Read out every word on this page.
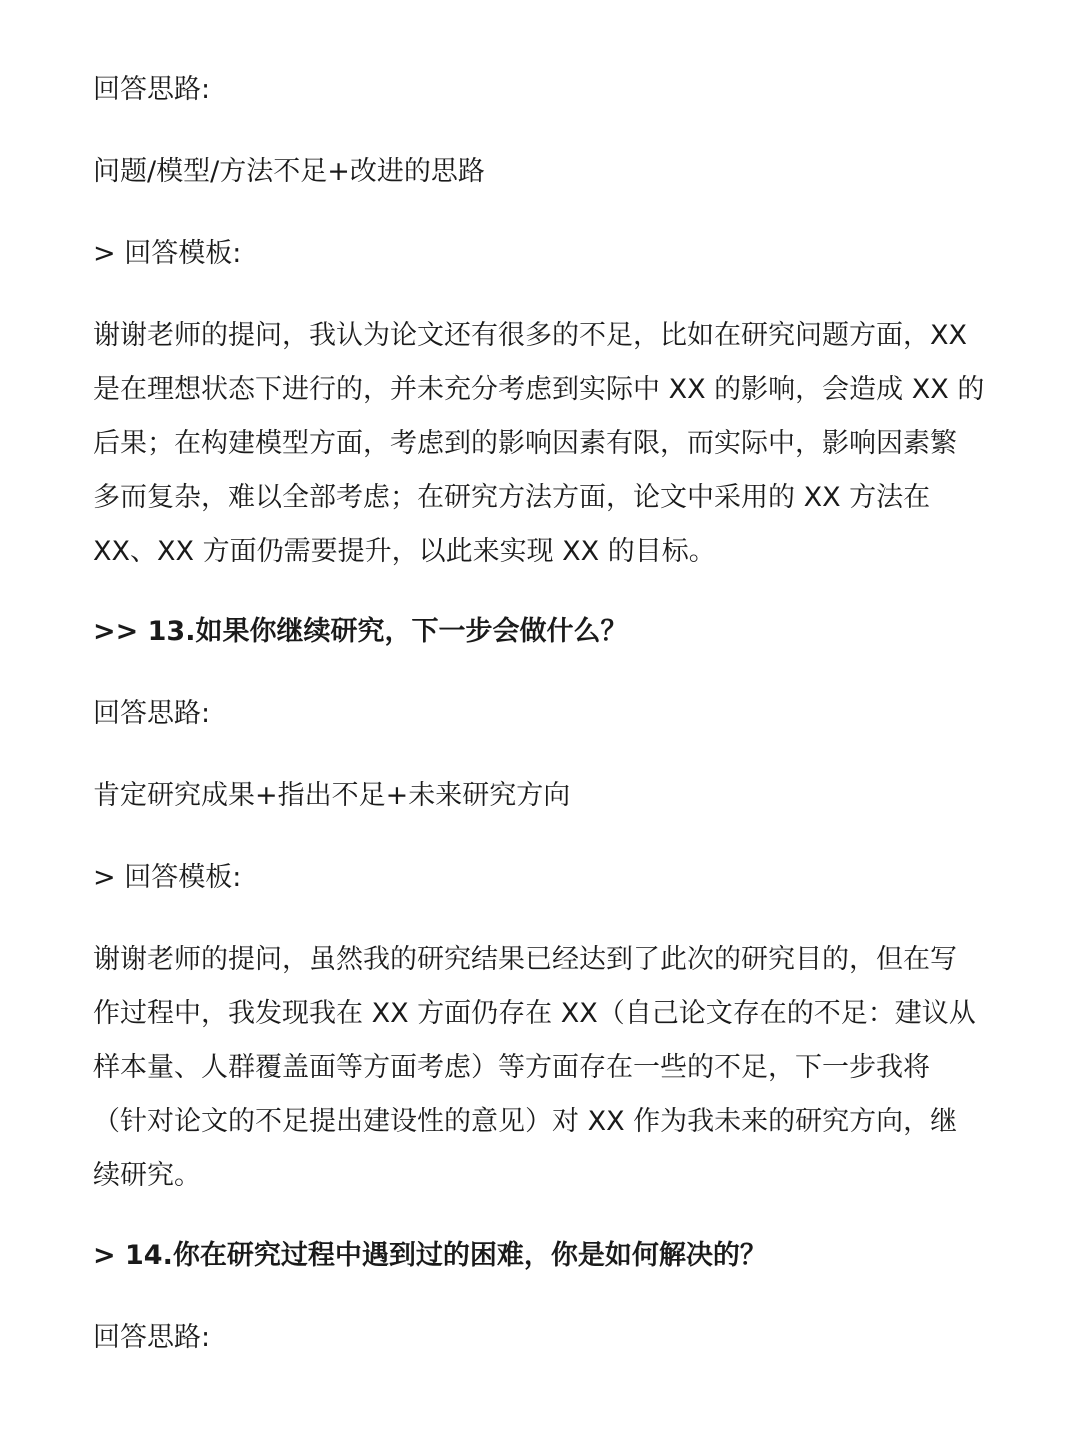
回答思路:

问题/模型/方法不足+改进的思路

> 回答模板:

谢谢老师的提问，我认为论文还有很多的不足，比如在研究问题方面，XX
是在理想状态下进行的，并未充分考虑到实际中 XX 的影响，会造成 XX 的
后果；在构建模型方面，考虑到的影响因素有限，而实际中，影响因素繁
多而复杂，难以全部考虑；在研究方法方面，论文中采用的 XX 方法在
XX、XX 方面仍需要提升，以此来实现 XX 的目标。

>> 13.如果你继续研究，下一步会做什么？

回答思路:

肯定研究成果+指出不足+未来研究方向

> 回答模板:

谢谢老师的提问，虽然我的研究结果已经达到了此次的研究目的，但在写
作过程中，我发现我在 XX 方面仍存在 XX（自己论文存在的不足：建议从
样本量、人群覆盖面等方面考虑）等方面存在一些的不足，下一步我将
（针对论文的不足提出建设性的意见）对 XX 作为我未来的研究方向，继
续研究。

> 14.你在研究过程中遇到过的困难，你是如何解决的？

回答思路:
